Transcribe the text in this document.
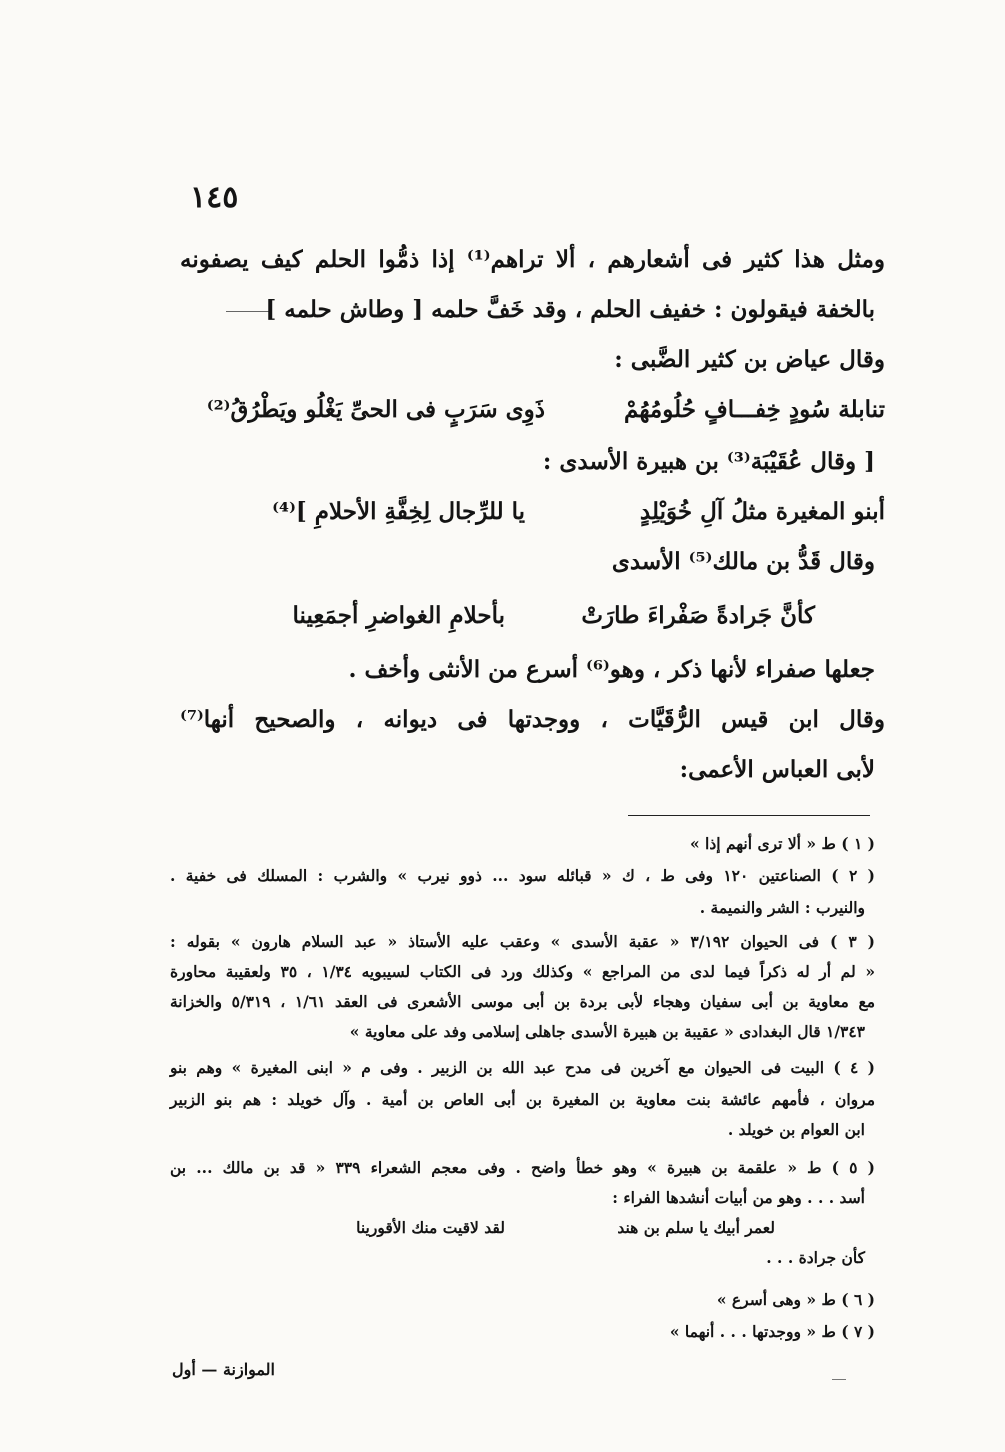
١٤٥
ومثل هذا كثير فى أشعارهم ، ألا تراهم⁽¹⁾ إذا ذمُّوا الحلم كيف يصفونه
بالخفة فيقولون : خفيف الحلم ، وقد خَفَّ حلمه [ وطاش حلمه ]
وقال عياض بن كثير الضَّبى :
تنابلة سُودٍ خِفـــافٍ حُلُومُهُمْ
ذَوِى سَرَبٍ فى الحىِّ يَغْلُو ويَطْرُقُ⁽²⁾
[ وقال عُقَيْبَة⁽³⁾ بن هبيرة الأسدى :
أبنو المغيرة مثلُ آلِ خُوَيْلِدٍ
يا للرِّجال لِخِفَّةِ الأحلامِ ]⁽⁴⁾
وقال قَدُّ بن مالك⁽⁵⁾ الأسدى
كأنَّ جَرادةً صَفْراءَ طارَتْ
بأحلامِ الغواضرِ أجمَعِينا
جعلها صفراء لأنها ذكر ، وهو⁽⁶⁾ أسرع من الأنثى وأخف .
وقال ابن قيس الرُّقَيَّات ، ووجدتها فى ديوانه ، والصحيح أنها⁽⁷⁾
لأبى العباس الأعمى:
( ١ ) ط « ألا ترى أنهم إذا »
( ٢ ) الصناعتين ١٢٠ وفى ط ، ك « قبائله سود ... ذوو نيرب » والشرب : المسلك فى خفية .
والنيرب : الشر والنميمة .
( ٣ ) فى الحيوان ٣/١٩٢ « عقبة الأسدى » وعقب عليه الأستاذ « عبد السلام هارون » بقوله :
« لم أر له ذكراً فيما لدى من المراجع » وكذلك ورد فى الكتاب لسيبويه ١/٣٤ ، ٣٥ ولعقيبة محاورة
مع معاوية بن أبى سفيان وهجاء لأبى بردة بن أبى موسى الأشعرى فى العقد ١/٦١ ، ٥/٣١٩ والخزانة
١/٣٤٣ قال البغدادى « عقيبة بن هبيرة الأسدى جاهلى إسلامى وفد على معاوية »
( ٤ ) البيت فى الحيوان مع آخرين فى مدح عبد الله بن الزبير . وفى م « ابنى المغيرة » وهم بنو
مروان ، فأمهم عائشة بنت معاوية بن المغيرة بن أبى العاص بن أمية . وآل خويلد : هم بنو الزبير
ابن العوام بن خويلد .
( ٥ ) ط « علقمة بن هبيرة » وهو خطأ واضح . وفى معجم الشعراء ٣٣٩ « قد بن مالك ... بن
أسد . . . وهو من أبيات أنشدها الفراء :
لعمر أبيك يا سلم بن هند
لقد لاقيت منك الأقورينا
كأن جرادة . . .
( ٦ ) ط « وهى أسرع »
( ٧ ) ط « ووجدتها . . . أنهما »
الموازنة — أول
